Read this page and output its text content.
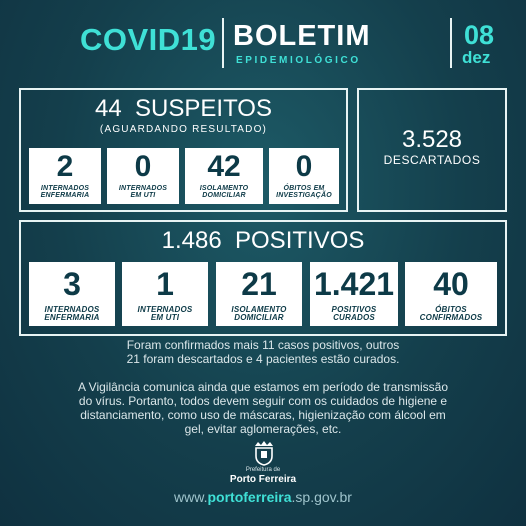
COVID19 BOLETIM
EPIDEMIOLÓGICO
08
dez
44  SUSPEITOS
(AGUARDANDO RESULTADO)
2
INTERNADOS
ENFERMARIA
0
INTERNADOS
EM UTI
42
ISOLAMENTO
DOMICILIAR
0
ÓBITOS EM
INVESTIGAÇÃO
3.528
DESCARTADOS
1.486  POSITIVOS
3
INTERNADOS
ENFERMARIA
1
INTERNADOS
EM UTI
21
ISOLAMENTO
DOMICILIAR
1.421
POSITIVOS
CURADOS
40
ÓBITOS
CONFIRMADOS
Foram confirmados mais 11 casos positivos, outros
21 foram descartados e 4 pacientes estão curados.
A Vigilância comunica ainda que estamos em período de transmissão
do vírus. Portanto, todos devem seguir com os cuidados de higiene e
distanciamento, como uso de máscaras, higienização com álcool em
gel, evitar aglomerações, etc.
Prefeitura de
Porto Ferreira
www.portoferreira.sp.gov.br
